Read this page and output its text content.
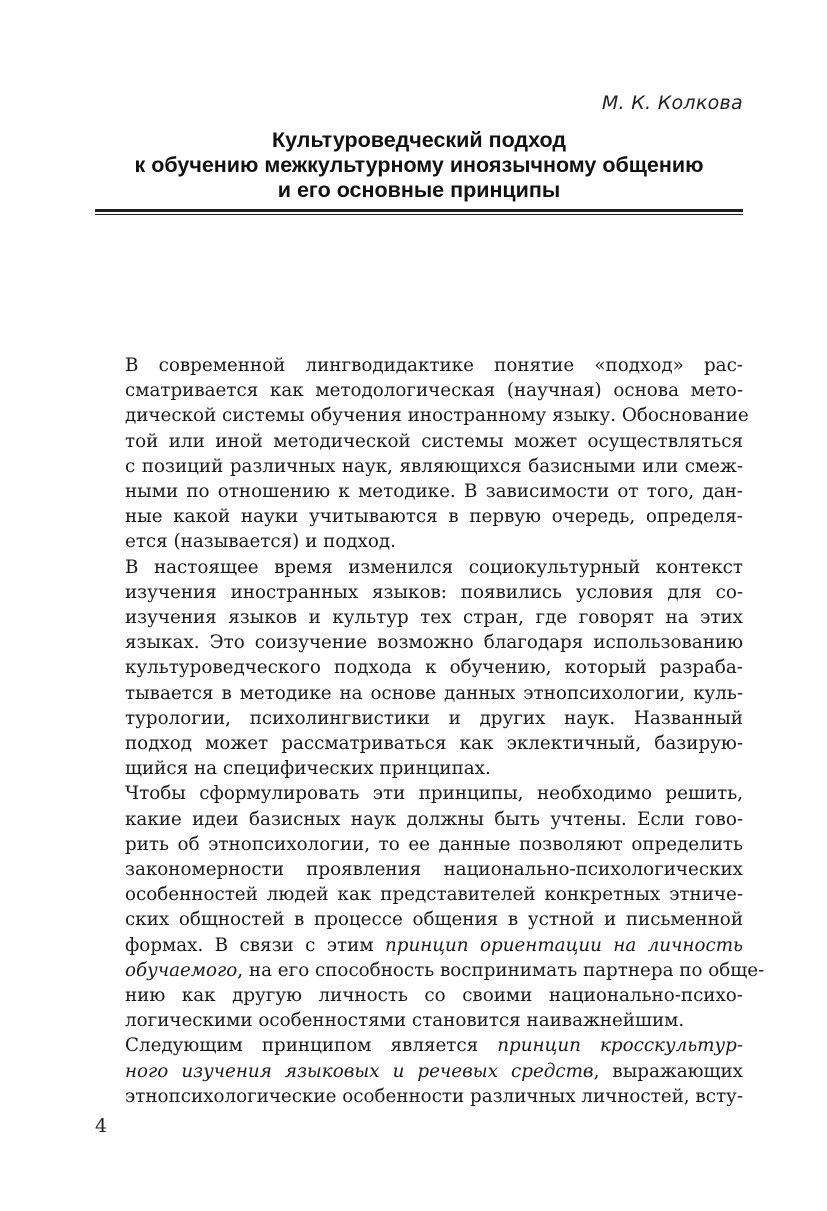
М. К. Колкова
Культуроведческий подход
к обучению межкультурному иноязычному общению
и его основные принципы

В современной лингводидактике понятие «подход» рас-
сматривается как методологическая (научная) основа мето-
дической системы обучения иностранному языку. Обоснование
той или иной методической системы может осуществляться
с позиций различных наук, являющихся базисными или смеж-
ными по отношению к методике. В зависимости от того, дан-
ные какой науки учитываются в первую очередь, определя-
ется (называется) и подход.

В настоящее время изменился социокультурный контекст
изучения иностранных языков: появились условия для со-
изучения языков и культур тех стран, где говорят на этих
языках. Это соизучение возможно благодаря использованию
культуроведческого подхода к обучению, который разраба-
тывается в методике на основе данных этнопсихологии, куль-
турологии, психолингвистики и других наук. Названный
подход может рассматриваться как эклектичный, базирую-
щийся на специфических принципах.

Чтобы сформулировать эти принципы, необходимо решить,
какие идеи базисных наук должны быть учтены. Если гово-
рить об этнопсихологии, то ее данные позволяют определить
закономерности проявления национально-психологических
особенностей людей как представителей конкретных этниче-
ских общностей в процессе общения в устной и письменной
формах. В связи с этим принцип ориентации на личность
обучаемого, на его способность воспринимать партнера по обще-
нию как другую личность со своими национально-психо-
логическими особенностями становится наиважнейшим.

Следующим принципом является принцип кросскультур-
ного изучения языковых и речевых средств, выражающих
этнопсихологические особенности различных личностей, всту-

4
